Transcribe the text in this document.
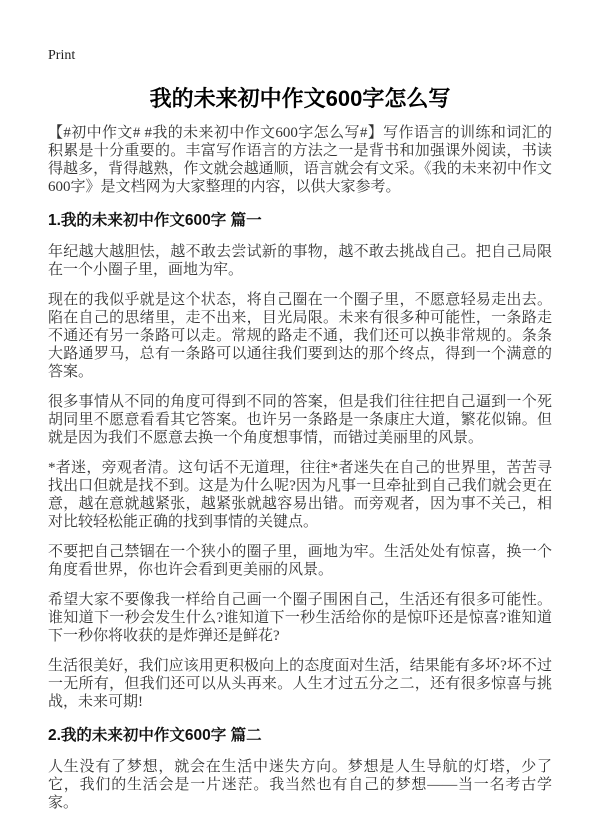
Print
我的未来初中作文600字怎么写

【#初中作文# #我的未来初中作文600字怎么写#】写作语言的训练和词汇的积累是十分重要的。丰富写作语言的方法之一是背书和加强课外阅读，书读得越多，背得越熟，作文就会越通顺，语言就会有文采。《我的未来初中作文600字》是文档网为大家整理的内容，以供大家参考。

1.我的未来初中作文600字 篇一

年纪越大越胆怯，越不敢去尝试新的事物，越不敢去挑战自己。把自己局限在一个小圈子里，画地为牢。

现在的我似乎就是这个状态，将自己圈在一个圈子里，不愿意轻易走出去。陷在自己的思绪里，走不出来，目光局限。未来有很多种可能性，一条路走不通还有另一条路可以走。常规的路走不通，我们还可以换非常规的。条条大路通罗马，总有一条路可以通往我们要到达的那个终点，得到一个满意的答案。

很多事情从不同的角度可得到不同的答案，但是我们往往把自己逼到一个死胡同里不愿意看看其它答案。也许另一条路是一条康庄大道，繁花似锦。但就是因为我们不愿意去换一个角度想事情，而错过美丽里的风景。

*者迷，旁观者清。这句话不无道理，往往*者迷失在自己的世界里，苦苦寻找出口但就是找不到。这是为什么呢?因为凡事一旦牵扯到自己我们就会更在意，越在意就越紧张，越紧张就越容易出错。而旁观者，因为事不关己，相对比较轻松能正确的找到事情的关键点。

不要把自己禁锢在一个狭小的圈子里，画地为牢。生活处处有惊喜，换一个角度看世界，你也许会看到更美丽的风景。

希望大家不要像我一样给自己画一个圈子围困自己，生活还有很多可能性。谁知道下一秒会发生什么?谁知道下一秒生活给你的是惊吓还是惊喜?谁知道下一秒你将收获的是炸弹还是鲜花?

生活很美好，我们应该用更积极向上的态度面对生活，结果能有多坏?坏不过一无所有，但我们还可以从头再来。人生才过五分之二，还有很多惊喜与挑战，未来可期!

2.我的未来初中作文600字 篇二

人生没有了梦想，就会在生活中迷失方向。梦想是人生导航的灯塔，少了它，我们的生活会是一片迷茫。我当然也有自己的梦想——当一名考古学家。
